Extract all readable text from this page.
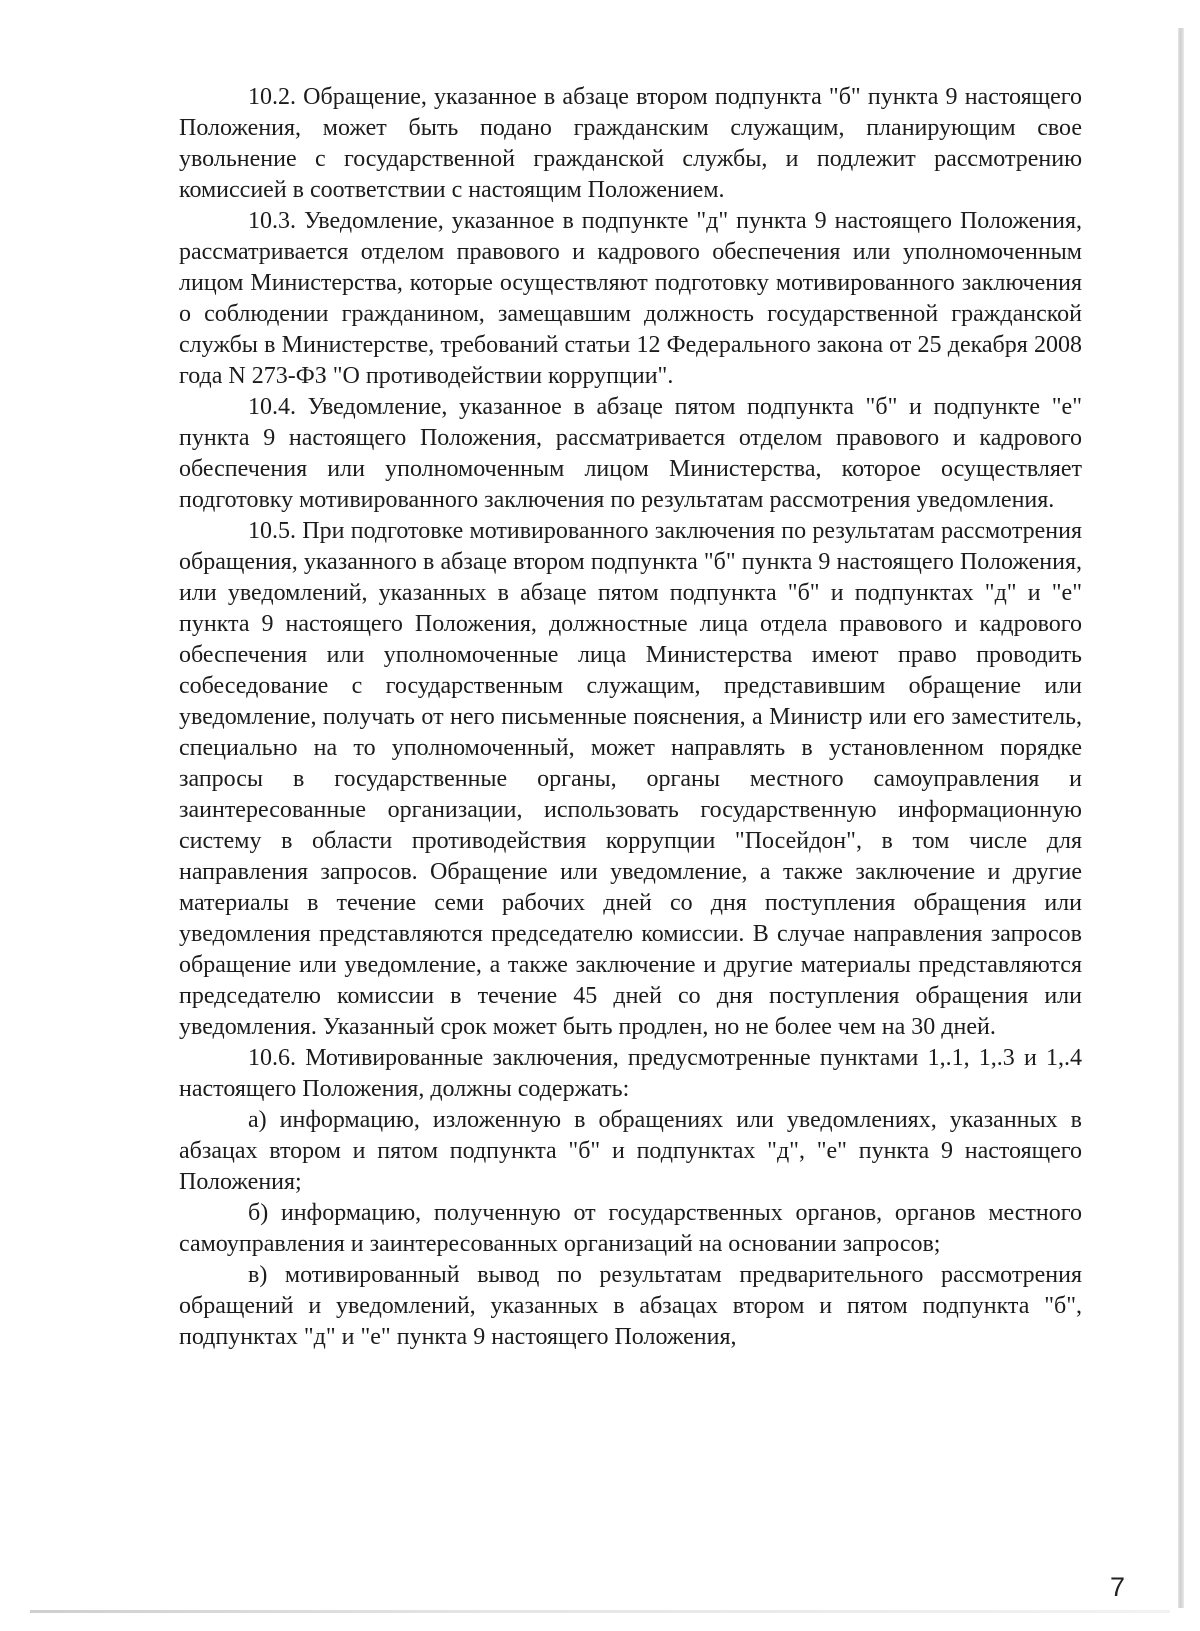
10.2. Обращение, указанное в абзаце втором подпункта "б" пункта 9 настоящего Положения, может быть подано гражданским служащим, планирующим свое увольнение с государственной гражданской службы, и подлежит рассмотрению комиссией в соответствии с настоящим Положением.

10.3. Уведомление, указанное в подпункте "д" пункта 9 настоящего Положения, рассматривается отделом правового и кадрового обеспечения или уполномоченным лицом Министерства, которые осуществляют подготовку мотивированного заключения о соблюдении гражданином, замещавшим должность государственной гражданской службы в Министерстве, требований статьи 12 Федерального закона от 25 декабря 2008 года N 273-ФЗ "О противодействии коррупции".

10.4. Уведомление, указанное в абзаце пятом подпункта "б" и подпункте "е" пункта 9 настоящего Положения, рассматривается отделом правового и кадрового обеспечения или уполномоченным лицом Министерства, которое осуществляет подготовку мотивированного заключения по результатам рассмотрения уведомления.

10.5. При подготовке мотивированного заключения по результатам рассмотрения обращения, указанного в абзаце втором подпункта "б" пункта 9 настоящего Положения, или уведомлений, указанных в абзаце пятом подпункта "б" и подпунктах "д" и "е" пункта 9 настоящего Положения, должностные лица отдела правового и кадрового обеспечения или уполномоченные лица Министерства имеют право проводить собеседование с государственным служащим, представившим обращение или уведомление, получать от него письменные пояснения, а Министр или его заместитель, специально на то уполномоченный, может направлять в установленном порядке запросы в государственные органы, органы местного самоуправления и заинтересованные организации, использовать государственную информационную систему в области противодействия коррупции "Посейдон", в том числе для направления запросов. Обращение или уведомление, а также заключение и другие материалы в течение семи рабочих дней со дня поступления обращения или уведомления представляются председателю комиссии. В случае направления запросов обращение или уведомление, а также заключение и другие материалы представляются председателю комиссии в течение 45 дней со дня поступления обращения или уведомления. Указанный срок может быть продлен, но не более чем на 30 дней.

10.6. Мотивированные заключения, предусмотренные пунктами 1,.1, 1,.3 и 1,.4 настоящего Положения, должны содержать:

а) информацию, изложенную в обращениях или уведомлениях, указанных в абзацах втором и пятом подпункта "б" и подпунктах "д", "е" пункта 9 настоящего Положения;

б) информацию, полученную от государственных органов, органов местного самоуправления и заинтересованных организаций на основании запросов;

в) мотивированный вывод по результатам предварительного рассмотрения обращений и уведомлений, указанных в абзацах втором и пятом подпункта "б", подпунктах "д" и "е" пункта 9 настоящего Положения,

7
